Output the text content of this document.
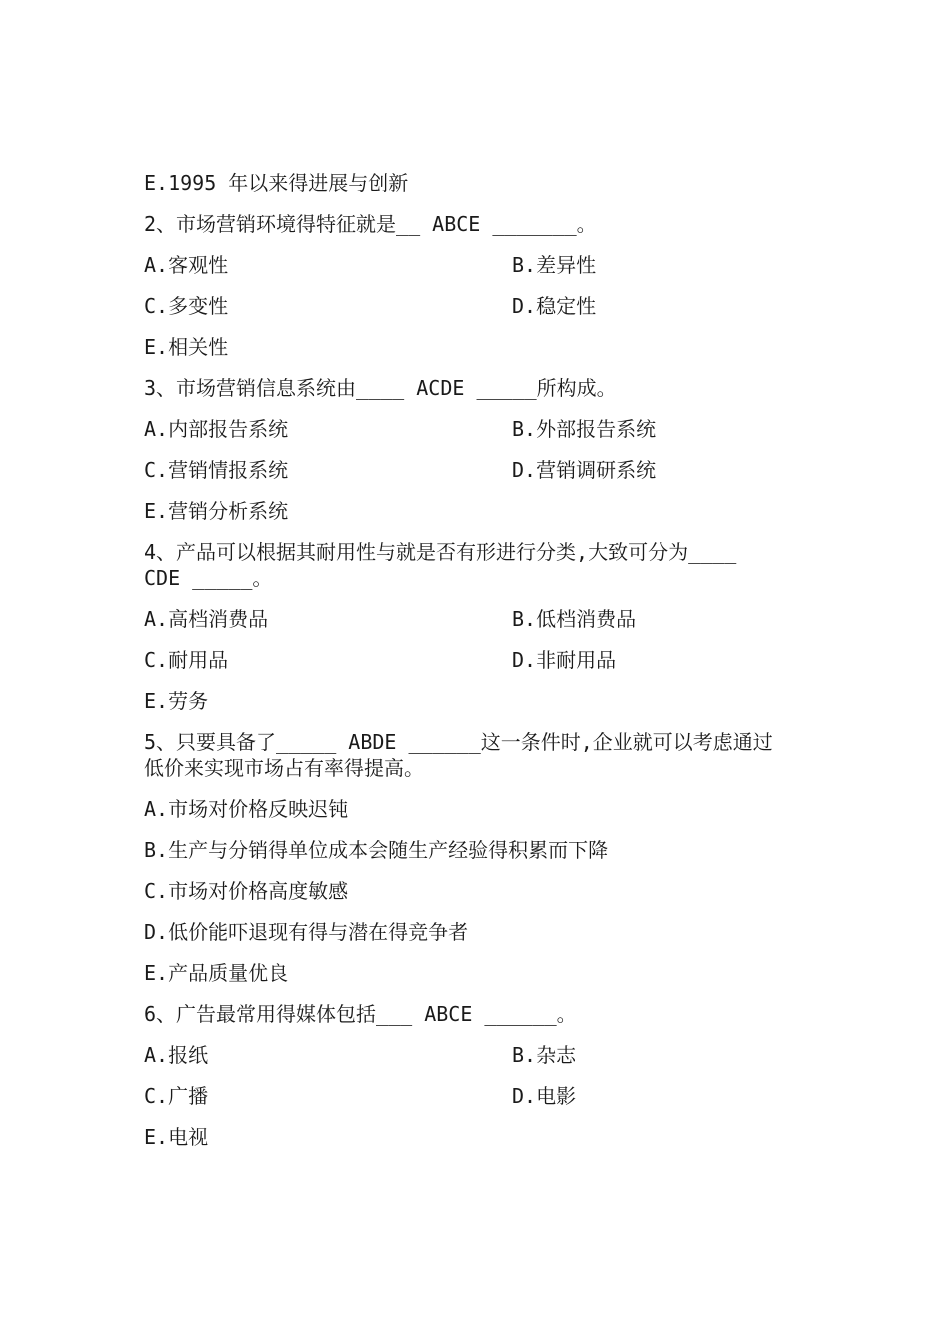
E.1995 年以来得进展与创新
2、市场营销环境得特征就是__ ABCE _______。
A.客观性	B.差异性
C.多变性	D.稳定性
E.相关性
3、市场营销信息系统由____ ACDE _____所构成。
A.内部报告系统	B.外部报告系统
C.营销情报系统	D.营销调研系统
E.营销分析系统
4、产品可以根据其耐用性与就是否有形进行分类,大致可分为____
CDE _____。
A.高档消费品	B.低档消费品
C.耐用品	D.非耐用品
E.劳务
5、只要具备了_____ ABDE ______这一条件时,企业就可以考虑通过
低价来实现市场占有率得提高。
A.市场对价格反映迟钝
B.生产与分销得单位成本会随生产经验得积累而下降
C.市场对价格高度敏感
D.低价能吓退现有得与潜在得竞争者
E.产品质量优良
6、广告最常用得媒体包括___ ABCE ______。
A.报纸	B.杂志
C.广播	D.电影
E.电视
